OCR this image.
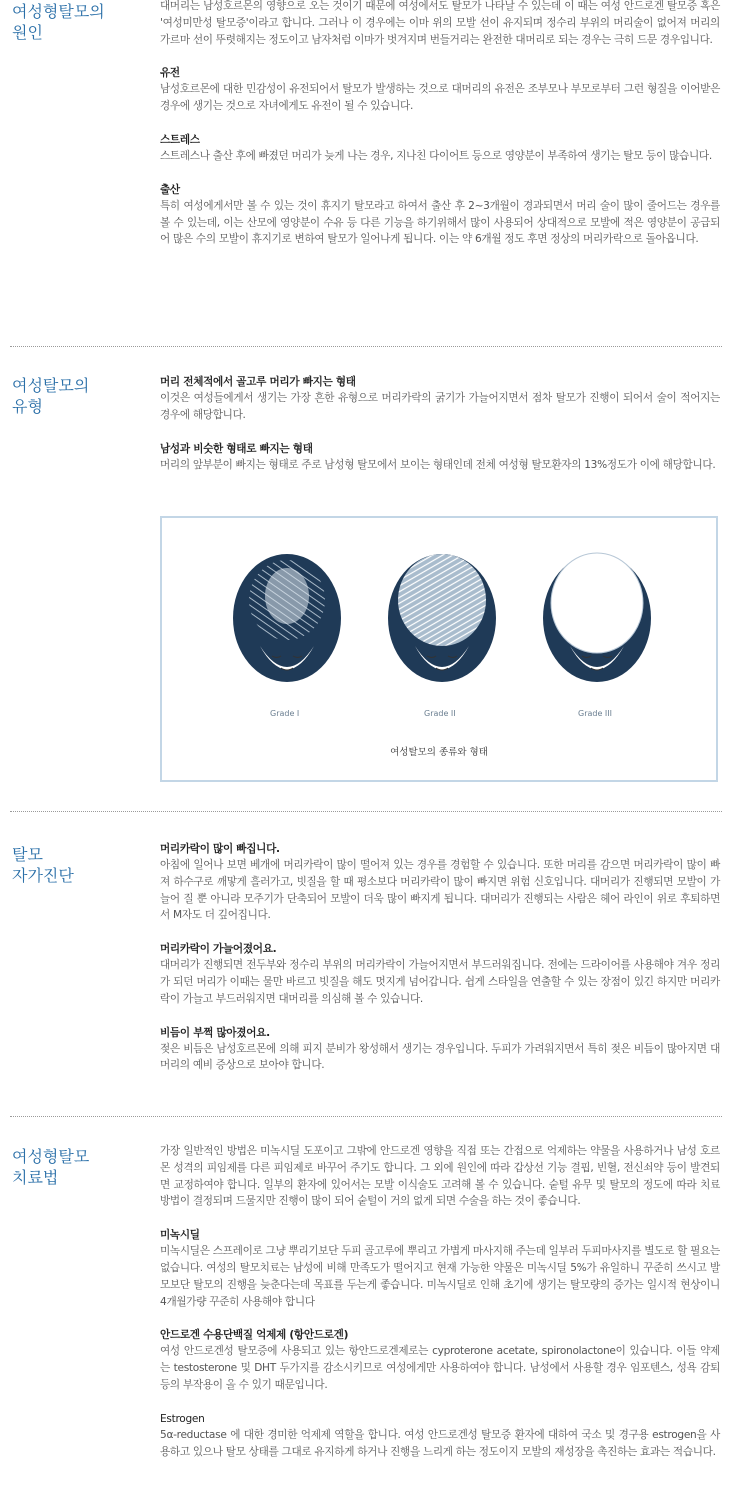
여성형탈모의
원인

대머리는 남성호르몬의 영향으로 오는 것이기 때문에 여성에서도 탈모가 나타날 수 있는데 이 때는 여성 안드로겐 탈모증 혹은 '여성미만성 탈모증'이라고 합니다. 그러나 이 경우에는 이마 위의 모발 선이 유지되며 정수리 부위의 머리술이 없어져 머리의 가르마 선이 뚜렷해지는 정도이고 남자처럼 이마가 벗겨지며 번들거리는 완전한 대머리로 되는 경우는 극히 드문 경우입니다.

유전

남성호르몬에 대한 민감성이 유전되어서 탈모가 발생하는 것으로 대머리의 유전은 조부모나 부모로부터 그런 형질을 이어받은 경우에 생기는 것으로 자녀에게도 유전이 될 수 있습니다.

스트레스

스트레스나 출산 후에 빠졌던 머리가 늦게 나는 경우, 지나친 다이어트 등으로 영양분이 부족하여 생기는 탈모 등이 많습니다.

출산

특히 여성에게서만 볼 수 있는 것이 휴지기 탈모라고 하여서 출산 후 2~3개월이 경과되면서 머리 술이 많이 줄어드는 경우를 볼 수 있는데, 이는 산모에 영양분이 수유 등 다른 기능을 하기위해서 많이 사용되어 상대적으로 모발에 적은 영양분이 공급되어 많은 수의 모발이 휴지기로 변하여 탈모가 일어나게 됩니다. 이는 약 6개월 정도 후면 정상의 머리카락으로 돌아옵니다.

여성탈모의
유형

머리 전체적에서 골고루 머리가 빠지는 형태

이것은 여성들에게서 생기는 가장 흔한 유형으로 머리카락의 굵기가 가늘어지면서 점차 탈모가 진행이 되어서 술이 적어지는 경우에 해당합니다.

남성과 비슷한 형태로 빠지는 형태

머리의 앞부분이 빠지는 형태로 주로 남성형 탈모에서 보이는 형태인데 전체 여성형 탈모환자의 13%정도가 이에 해당합니다.

Grade I	Grade II	Grade III
여성탈모의 종류와 형태
탈모
자가진단

머리카락이 많이 빠집니다.

아침에 일어나 보면 베개에 머리카락이 많이 떨어져 있는 경우를 경험할 수 있습니다. 또한 머리를 감으면 머리카락이 많이 빠져 하수구로 깨맣게 흘러가고, 빗질을 할 때 평소보다 머리카락이 많이 빠지면 위험 신호입니다. 대머리가 진행되면 모발이 가늘어 질 뿐 아니라 모주기가 단축되어 모발이 더욱 많이 빠지게 됩니다. 대머리가 진행되는 사람은 헤어 라인이 위로 후퇴하면서 M자도 더 깊어집니다.

머리카락이 가늘어졌어요.

대머리가 진행되면 전두부와 정수리 부위의 머리카락이 가늘어지면서 부드러워집니다. 전에는 드라이어를 사용해야 겨우 정리가 되던 머리가 이때는 물만 바르고 빗질을 해도 멋지게 넘어갑니다. 쉽게 스타일을 연출할 수 있는 장점이 있긴 하지만 머리카락이 가늘고 부드러워지면 대머리를 의심해 볼 수 있습니다.

비듬이 부쩍 많아졌어요.

젖은 비듬은 남성호르몬에 의해 피지 분비가 왕성해서 생기는 경우입니다. 두피가 가려워지면서 특히 젖은 비듬이 많아지면 대머리의 예비 증상으로 보아야 합니다.

여성형탈모
치료법

가장 일반적인 방법은 미녹시딜 도포이고 그밖에 안드로겐 영향을 직접 또는 간접으로 억제하는 약물을 사용하거나 남성 호르몬 성격의 피임제를 다른 피임제로 바꾸어 주기도 합니다. 그 외에 원인에 따라 갑상선 기능 결핍, 빈혈, 전신쇠약 등이 발견되면 교정하여야 합니다. 일부의 환자에 있어서는 모발 이식술도 고려해 볼 수 있습니다. 숱털 유무 및 탈모의 정도에 따라 치료 방법이 결정되며 드물지만 진행이 많이 되어 숱털이 거의 없게 되면 수술을 하는 것이 좋습니다.

미녹시딜

미녹시딜은 스프레이로 그냥 뿌리기보단 두피 골고루에 뿌리고 가볍게 마사지해 주는데 일부러 두피마사지를 별도로 할 필요는 없습니다. 여성의 탈모치료는 남성에 비해 만족도가 떨어지고 현재 가능한 약물은 미녹시딜 5%가 유일하니 꾸준히 쓰시고 발모보단 탈모의 진행을 늦춘다는데 목표를 두는게 좋습니다. 미녹시딜로 인해 초기에 생기는 탈모량의 증가는 일시적 현상이니 4개월가량 꾸준히 사용해야 합니다

안드로겐 수용단백질 억제제 (항안드로겐)

여성 안드로겐성 탈모증에 사용되고 있는 항안드로겐제로는 cyproterone acetate, spironolactone이 있습니다. 이들 약제는 testosterone 및 DHT 두가지를 감소시키므로 여성에게만 사용하여야 합니다. 남성에서 사용할 경우 임포텐스, 성욕 감퇴 등의 부작용이 올 수 있기 때문입니다.

Estrogen

5α-reductase 에 대한 경미한 억제제 역할을 합니다. 여성 안드로겐성 탈모증 환자에 대하여 국소 및 경구용 estrogen을 사용하고 있으나 탈모 상태를 그대로 유지하게 하거나 진행을 느리게 하는 정도이지 모발의 재성장을 촉진하는 효과는 적습니다.
